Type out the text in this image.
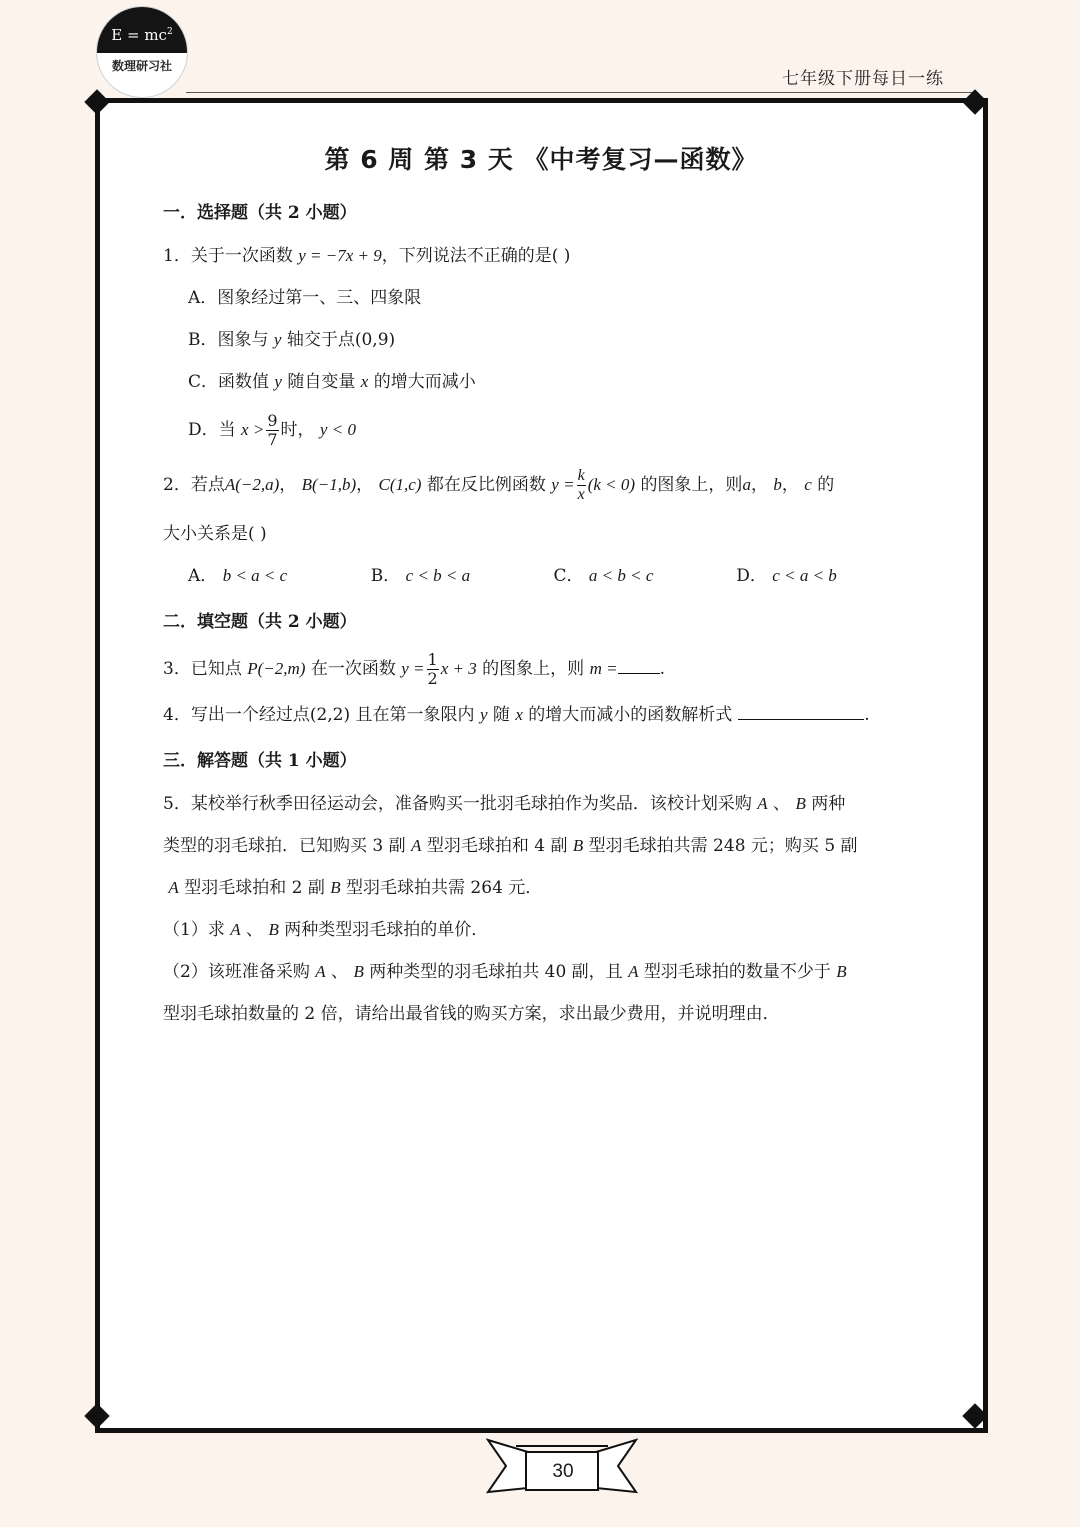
$E = mc^2$
数理研习社
七年级下册每日一练
第 6 周 第 3 天 《中考复习—函数》
一．选择题（共 2 小题）
1．关于一次函数 y = −7x + 9，下列说法不正确的是( )
A．图象经过第一、三、四象限
B．图象与 y 轴交于点(0,9)
C．函数值 y 随自变量 x 的增大而减小
D．当 $x > \frac{9}{7}$ 时， y < 0
2．若点A(−2,a)， B(−1,b)， C(1,c) 都在反比例函数 $y = \frac{k}{x} (k < 0)$ 的图象上，则a， b， c 的
大小关系是( )
A． b < a < c	B． c < b < a	C． a < b < c	D． c < a < b
二．填空题（共 2 小题）
3．已知点 P(−2,m) 在一次函数 $y = \frac{1}{2}$ x + 3 的图象上，则 m = .
4．写出一个经过点(2,2) 且在第一象限内 y 随 x 的增大而减小的函数解析式	.
三．解答题（共 1 小题）
5．某校举行秋季田径运动会，准备购买一批羽毛球拍作为奖品．该校计划采购 A 、 B 两种
类型的羽毛球拍．已知购买 3 副 A 型羽毛球拍和 4 副 B 型羽毛球拍共需 248 元；购买 5 副
A 型羽毛球拍和 2 副 B 型羽毛球拍共需 264 元．
（1）求 A 、 B 两种类型羽毛球拍的单价．
（2）该班准备采购 A 、 B 两种类型的羽毛球拍共 40 副，且 A 型羽毛球拍的数量不少于 B
型羽毛球拍数量的 2 倍，请给出最省钱的购买方案，求出最少费用，并说明理由．
30
